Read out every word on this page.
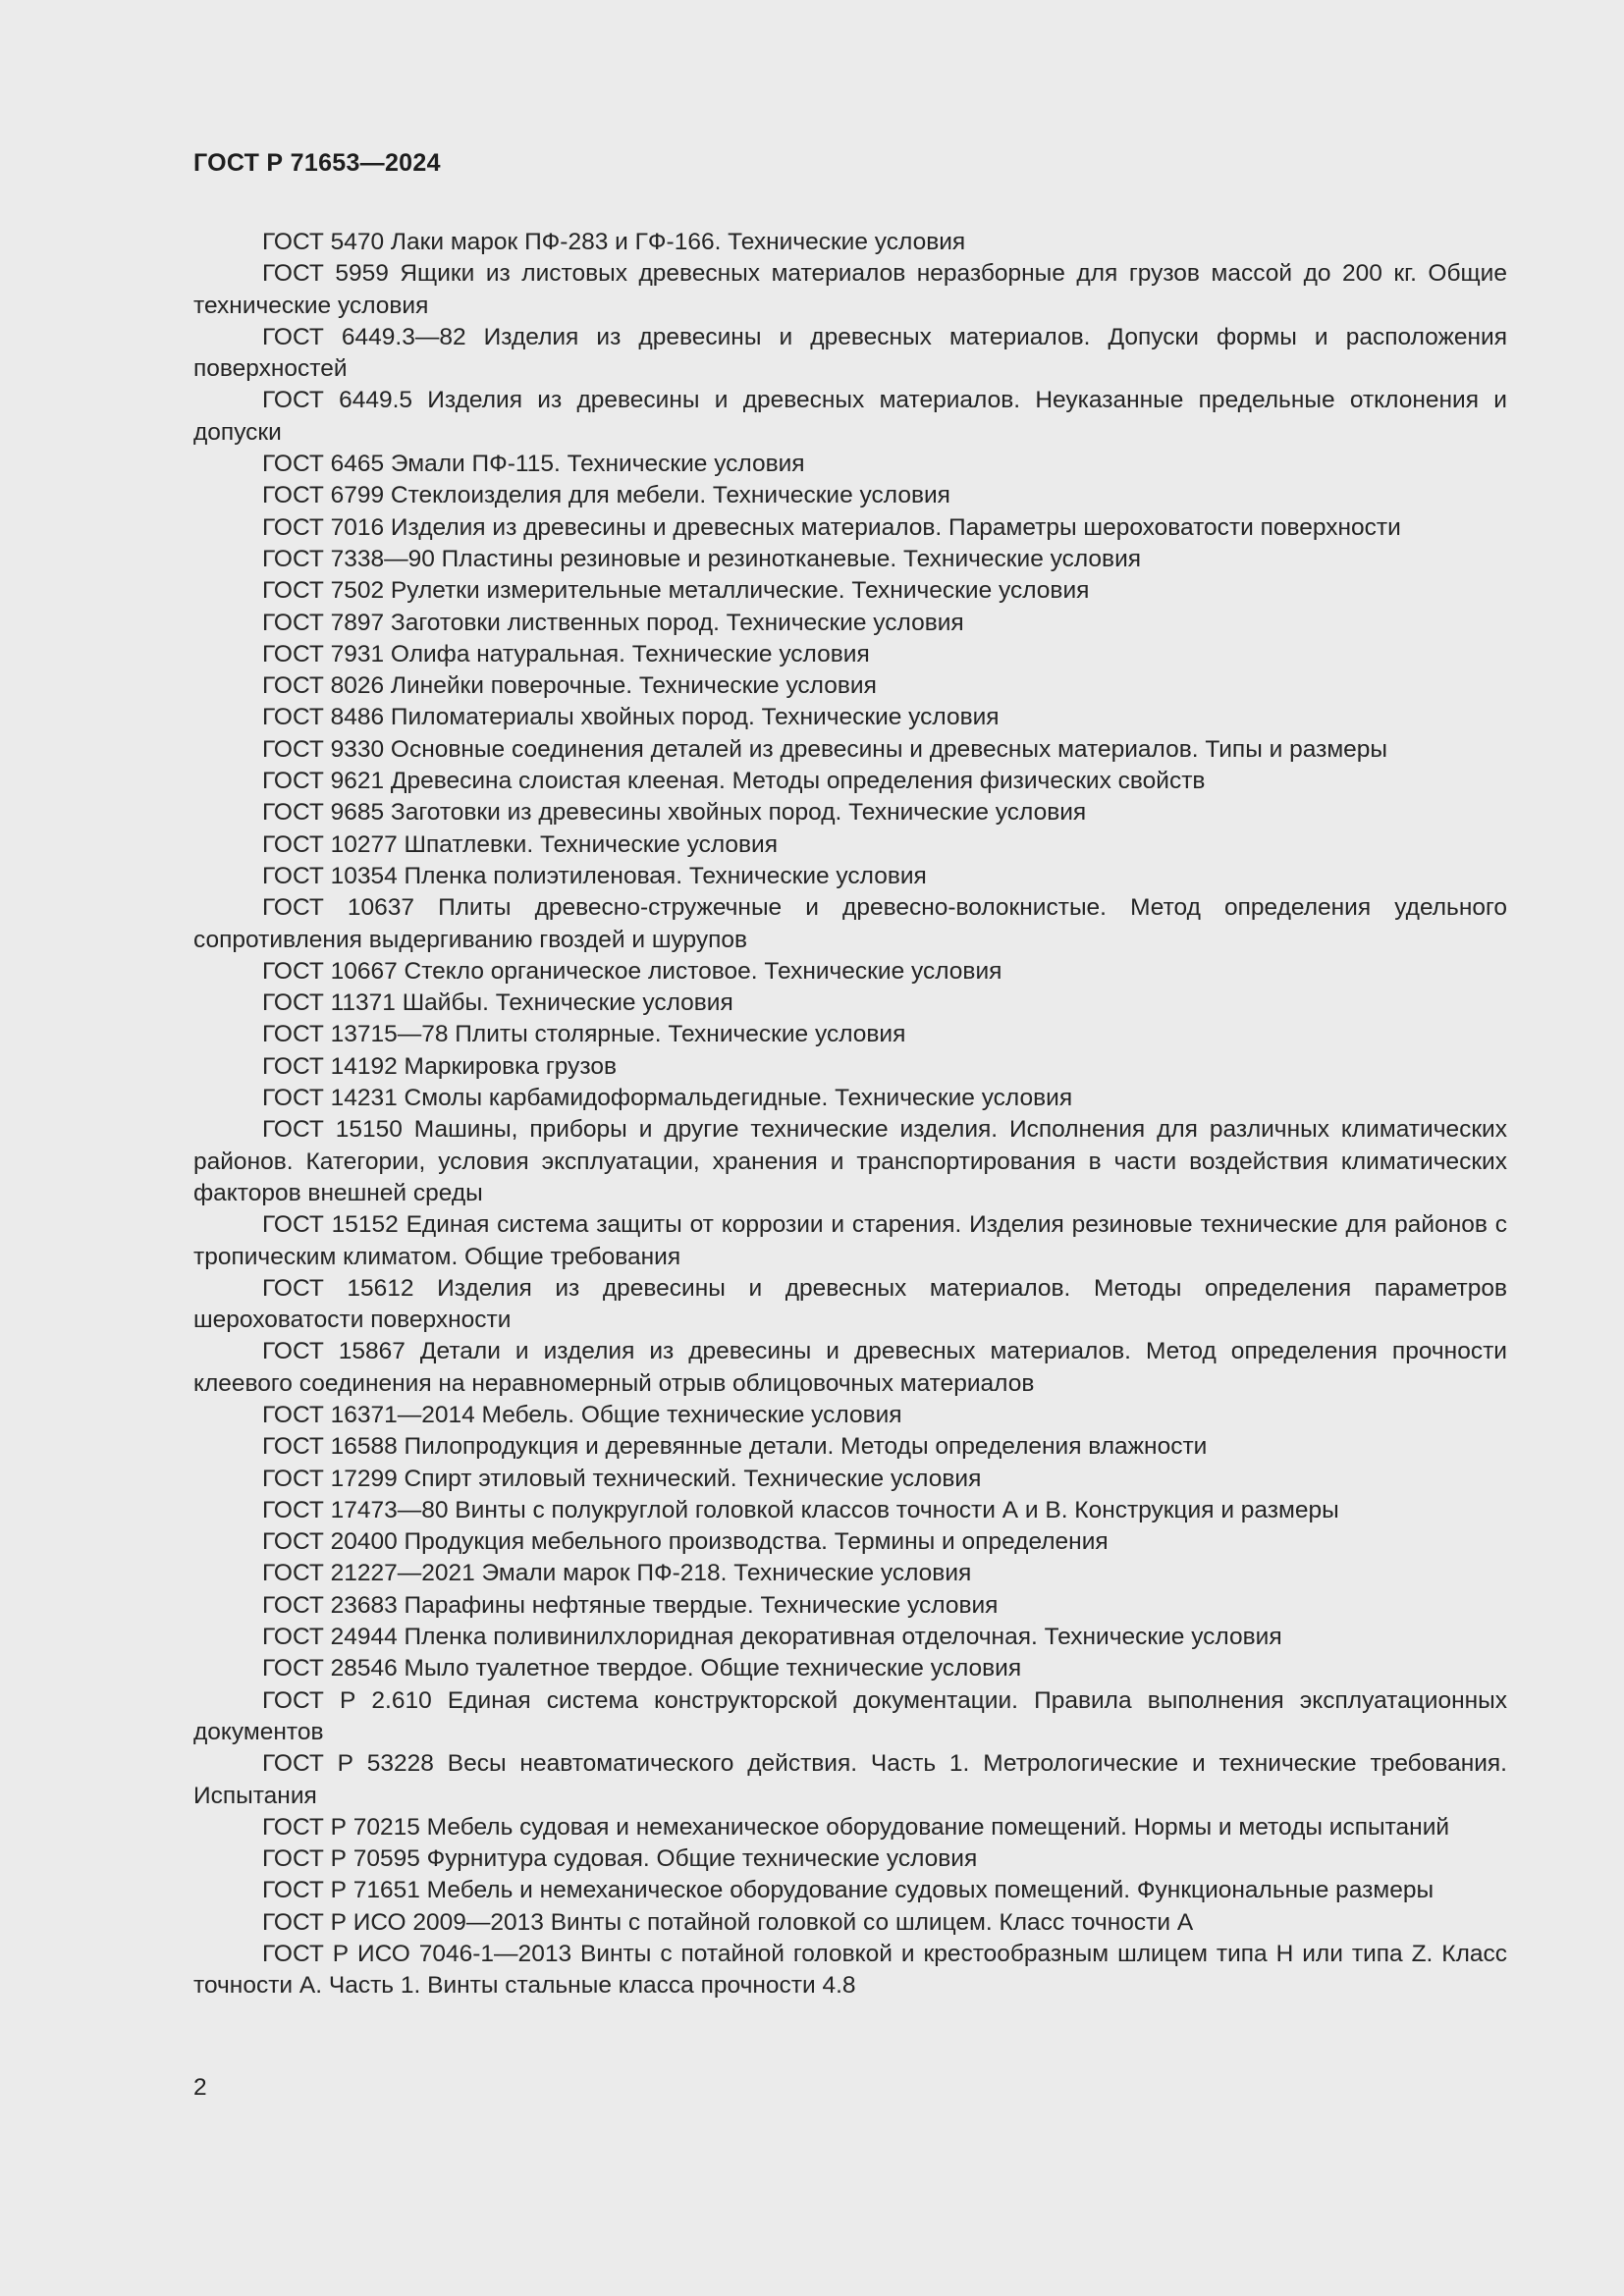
ГОСТ Р 71653—2024

ГОСТ 5470 Лаки марок ПФ-283 и ГФ-166. Технические условия

ГОСТ 5959 Ящики из листовых древесных материалов неразборные для грузов массой до 200 кг. Общие технические условия

ГОСТ 6449.3—82 Изделия из древесины и древесных материалов. Допуски формы и расположения поверхностей

ГОСТ 6449.5 Изделия из древесины и древесных материалов. Неуказанные предельные отклонения и допуски

ГОСТ 6465 Эмали ПФ-115. Технические условия

ГОСТ 6799 Стеклоизделия для мебели. Технические условия

ГОСТ 7016 Изделия из древесины и древесных материалов. Параметры шероховатости поверхности

ГОСТ 7338—90 Пластины резиновые и резинотканевые. Технические условия

ГОСТ 7502 Рулетки измерительные металлические. Технические условия

ГОСТ 7897 Заготовки лиственных пород. Технические условия

ГОСТ 7931 Олифа натуральная. Технические условия

ГОСТ 8026 Линейки поверочные. Технические условия

ГОСТ 8486 Пиломатериалы хвойных пород. Технические условия

ГОСТ 9330 Основные соединения деталей из древесины и древесных материалов. Типы и размеры

ГОСТ 9621 Древесина слоистая клееная. Методы определения физических свойств

ГОСТ 9685 Заготовки из древесины хвойных пород. Технические условия

ГОСТ 10277 Шпатлевки. Технические условия

ГОСТ 10354 Пленка полиэтиленовая. Технические условия

ГОСТ 10637 Плиты древесно-стружечные и древесно-волокнистые. Метод определения удельного сопротивления выдергиванию гвоздей и шурупов

ГОСТ 10667 Стекло органическое листовое. Технические условия

ГОСТ 11371 Шайбы. Технические условия

ГОСТ 13715—78 Плиты столярные. Технические условия

ГОСТ 14192 Маркировка грузов

ГОСТ 14231 Смолы карбамидоформальдегидные. Технические условия

ГОСТ 15150 Машины, приборы и другие технические изделия. Исполнения для различных климатических районов. Категории, условия эксплуатации, хранения и транспортирования в части воздействия климатических факторов внешней среды

ГОСТ 15152 Единая система защиты от коррозии и старения. Изделия резиновые технические для районов с тропическим климатом. Общие требования

ГОСТ 15612 Изделия из древесины и древесных материалов. Методы определения параметров шероховатости поверхности

ГОСТ 15867 Детали и изделия из древесины и древесных материалов. Метод определения прочности клеевого соединения на неравномерный отрыв облицовочных материалов

ГОСТ 16371—2014 Мебель. Общие технические условия

ГОСТ 16588 Пилопродукция и деревянные детали. Методы определения влажности

ГОСТ 17299 Спирт этиловый технический. Технические условия

ГОСТ 17473—80 Винты с полукруглой головкой классов точности А и В. Конструкция и размеры

ГОСТ 20400 Продукция мебельного производства. Термины и определения

ГОСТ 21227—2021 Эмали марок ПФ-218. Технические условия

ГОСТ 23683 Парафины нефтяные твердые. Технические условия

ГОСТ 24944 Пленка поливинилхлоридная декоративная отделочная. Технические условия

ГОСТ 28546 Мыло туалетное твердое. Общие технические условия

ГОСТ Р 2.610 Единая система конструкторской документации. Правила выполнения эксплуатационных документов

ГОСТ Р 53228 Весы неавтоматического действия. Часть 1. Метрологические и технические требования. Испытания

ГОСТ Р 70215 Мебель судовая и немеханическое оборудование помещений. Нормы и методы испытаний

ГОСТ Р 70595 Фурнитура судовая. Общие технические условия

ГОСТ Р 71651 Мебель и немеханическое оборудование судовых помещений. Функциональные размеры

ГОСТ Р ИСО 2009—2013 Винты с потайной головкой со шлицем. Класс точности А

ГОСТ Р ИСО 7046-1—2013 Винты с потайной головкой и крестообразным шлицем типа Н или типа Z. Класс точности А. Часть 1. Винты стальные класса прочности 4.8

2
